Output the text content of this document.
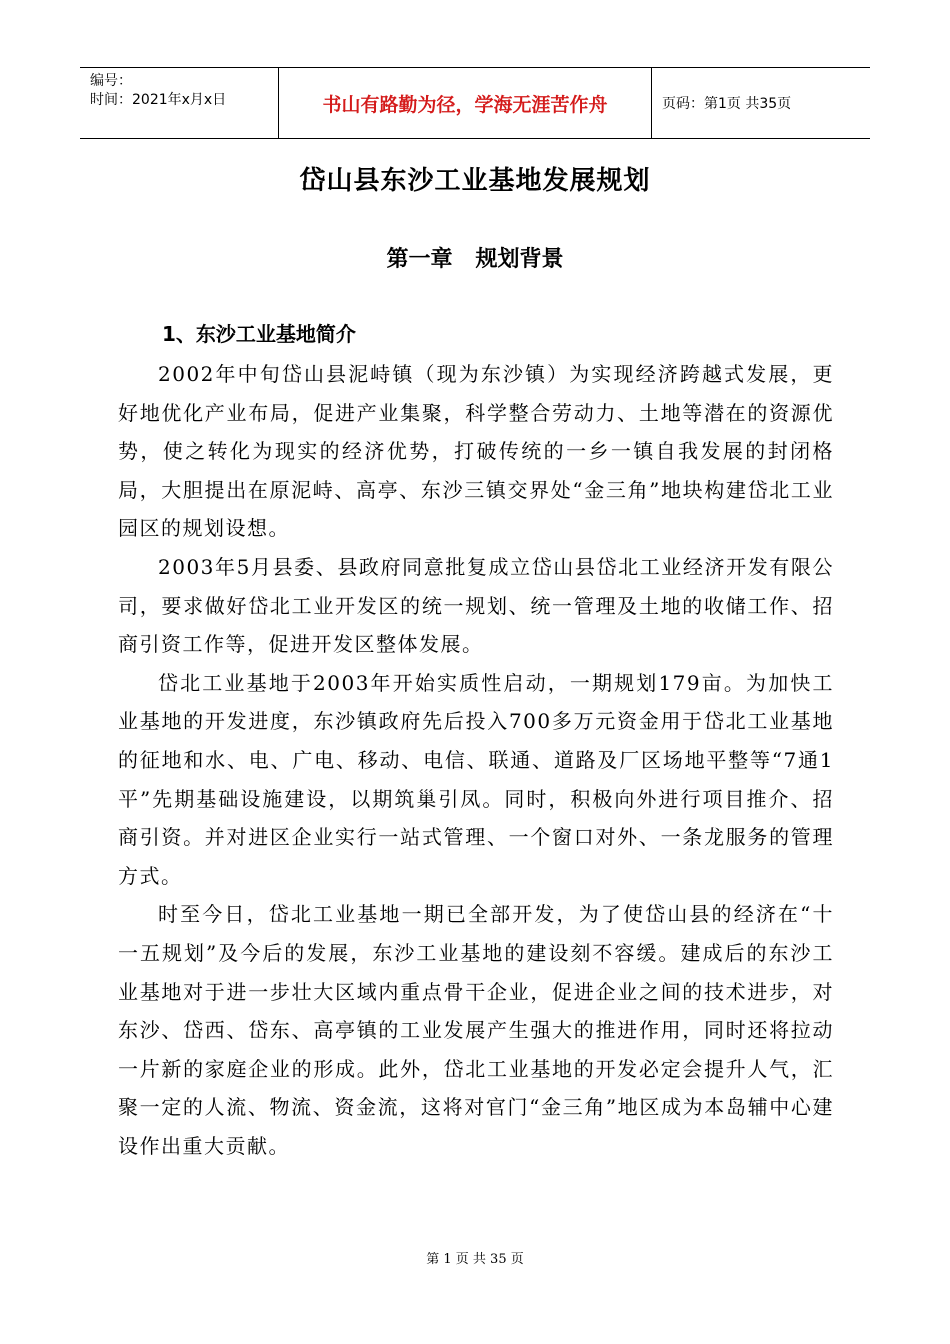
编号：
时间：2021年x月x日	书山有路勤为径，学海无涯苦作舟	页码：第1页 共35页
岱山县东沙工业基地发展规划
第一章   规划背景
1、东沙工业基地简介

2002年中旬岱山县泥峙镇（现为东沙镇）为实现经济跨越式发展，更好地优化产业布局，促进产业集聚，科学整合劳动力、土地等潜在的资源优势，使之转化为现实的经济优势，打破传统的一乡一镇自我发展的封闭格局，大胆提出在原泥峙、高亭、东沙三镇交界处“金三角”地块构建岱北工业园区的规划设想。

2003年5月县委、县政府同意批复成立岱山县岱北工业经济开发有限公司，要求做好岱北工业开发区的统一规划、统一管理及土地的收储工作、招商引资工作等，促进开发区整体发展。

岱北工业基地于2003年开始实质性启动，一期规划179亩。为加快工业基地的开发进度，东沙镇政府先后投入700多万元资金用于岱北工业基地的征地和水、电、广电、移动、电信、联通、道路及厂区场地平整等“7通1平”先期基础设施建设，以期筑巢引凤。同时，积极向外进行项目推介、招商引资。并对进区企业实行一站式管理、一个窗口对外、一条龙服务的管理方式。

时至今日，岱北工业基地一期已全部开发，为了使岱山县的经济在“十一五规划”及今后的发展，东沙工业基地的建设刻不容缓。建成后的东沙工业基地对于进一步壮大区域内重点骨干企业，促进企业之间的技术进步，对东沙、岱西、岱东、高亭镇的工业发展产生强大的推进作用，同时还将拉动一片新的家庭企业的形成。此外，岱北工业基地的开发必定会提升人气，汇聚一定的人流、物流、资金流，这将对官门“金三角”地区成为本岛辅中心建设作出重大贡献。

第 1 页 共 35 页
